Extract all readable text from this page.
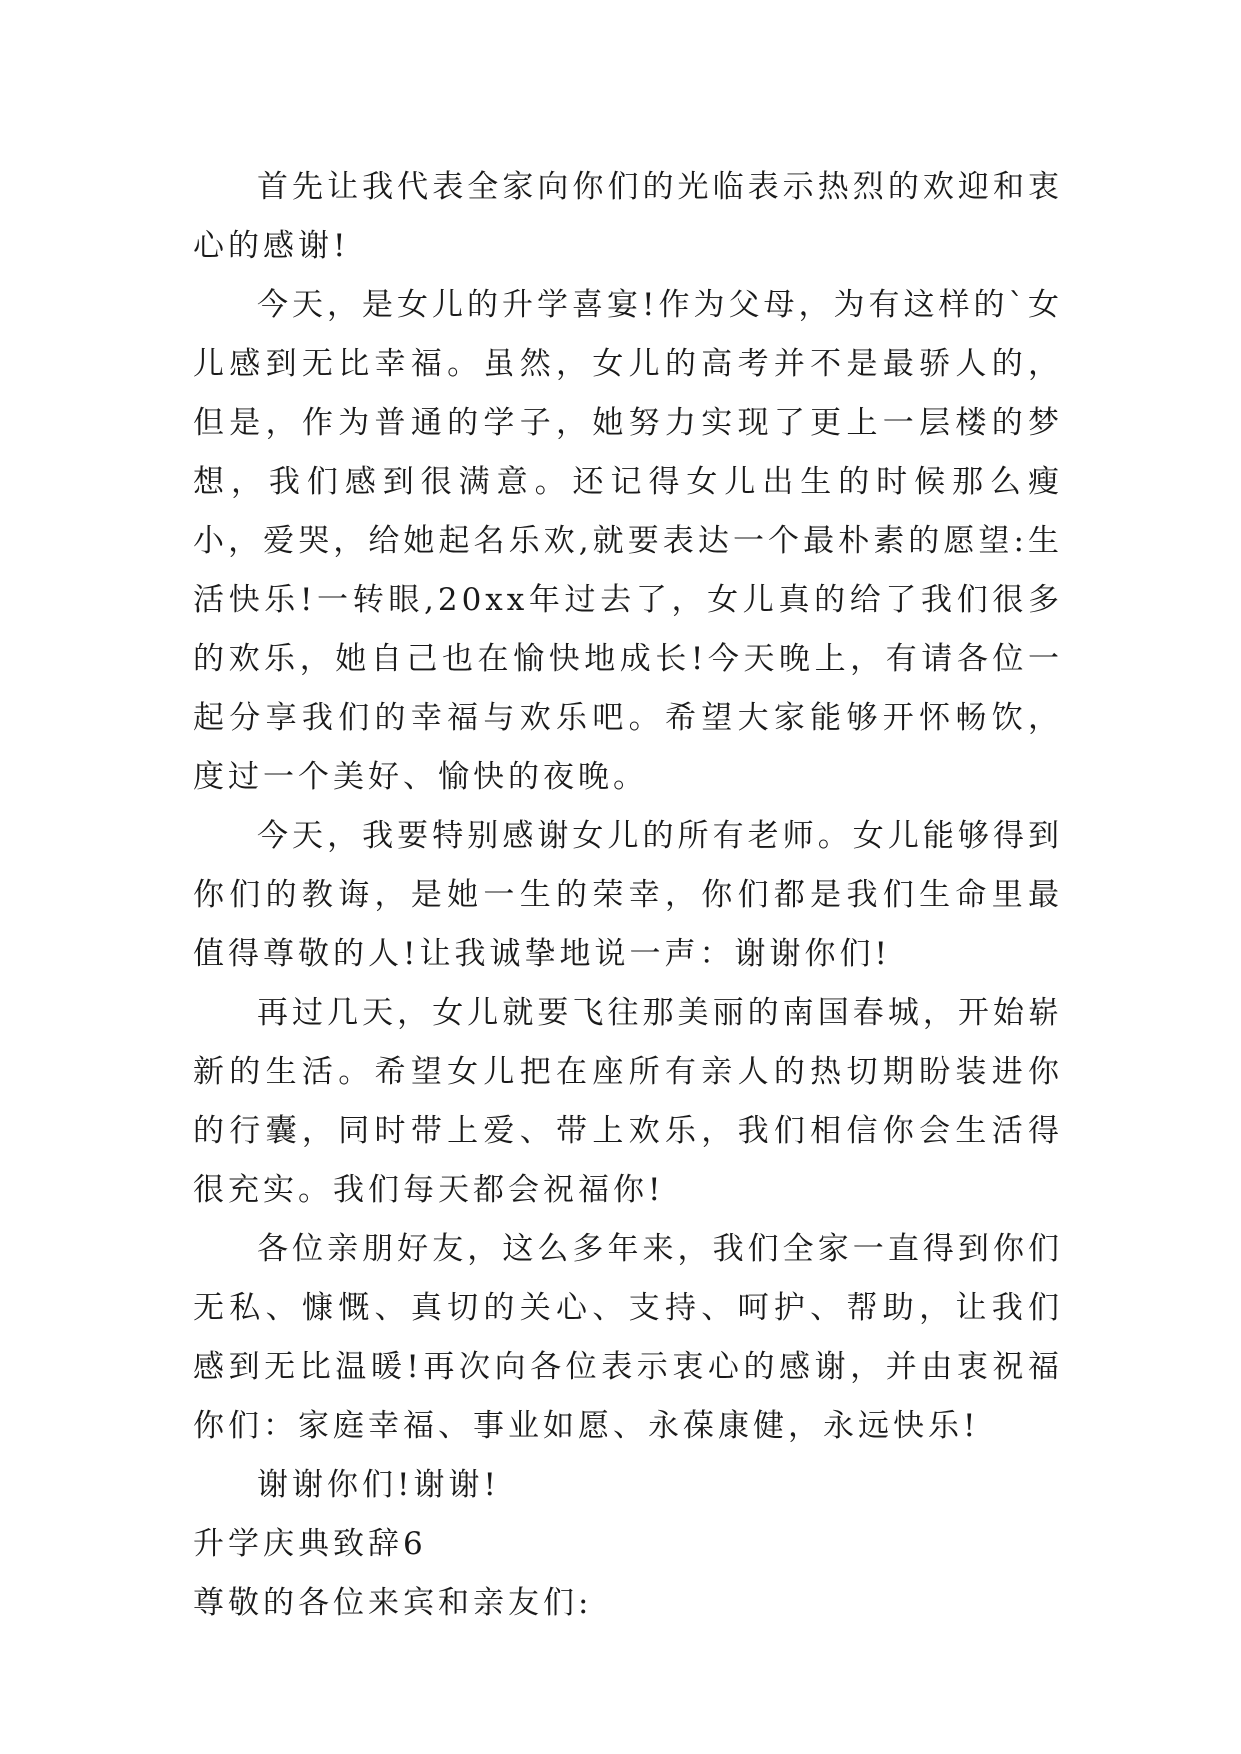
首先让我代表全家向你们的光临表示热烈的欢迎和衷心的感谢!

今天，是女儿的升学喜宴!作为父母，为有这样的`女儿感到无比幸福。虽然，女儿的高考并不是最骄人的，但是，作为普通的学子，她努力实现了更上一层楼的梦想，我们感到很满意。还记得女儿出生的时候那么瘦小，爱哭，给她起名乐欢,就要表达一个最朴素的愿望:生活快乐!一转眼,20xx年过去了，女儿真的给了我们很多的欢乐，她自己也在愉快地成长!今天晚上，有请各位一起分享我们的幸福与欢乐吧。希望大家能够开怀畅饮，度过一个美好、愉快的夜晚。

今天，我要特别感谢女儿的所有老师。女儿能够得到你们的教诲，是她一生的荣幸，你们都是我们生命里最值得尊敬的人!让我诚挚地说一声：谢谢你们!

再过几天，女儿就要飞往那美丽的南国春城，开始崭新的生活。希望女儿把在座所有亲人的热切期盼装进你的行囊，同时带上爱、带上欢乐，我们相信你会生活得很充实。我们每天都会祝福你!

各位亲朋好友，这么多年来，我们全家一直得到你们无私、慷慨、真切的关心、支持、呵护、帮助，让我们感到无比温暖!再次向各位表示衷心的感谢，并由衷祝福你们：家庭幸福、事业如愿、永葆康健，永远快乐!

谢谢你们!谢谢!

升学庆典致辞6

尊敬的各位来宾和亲友们:
